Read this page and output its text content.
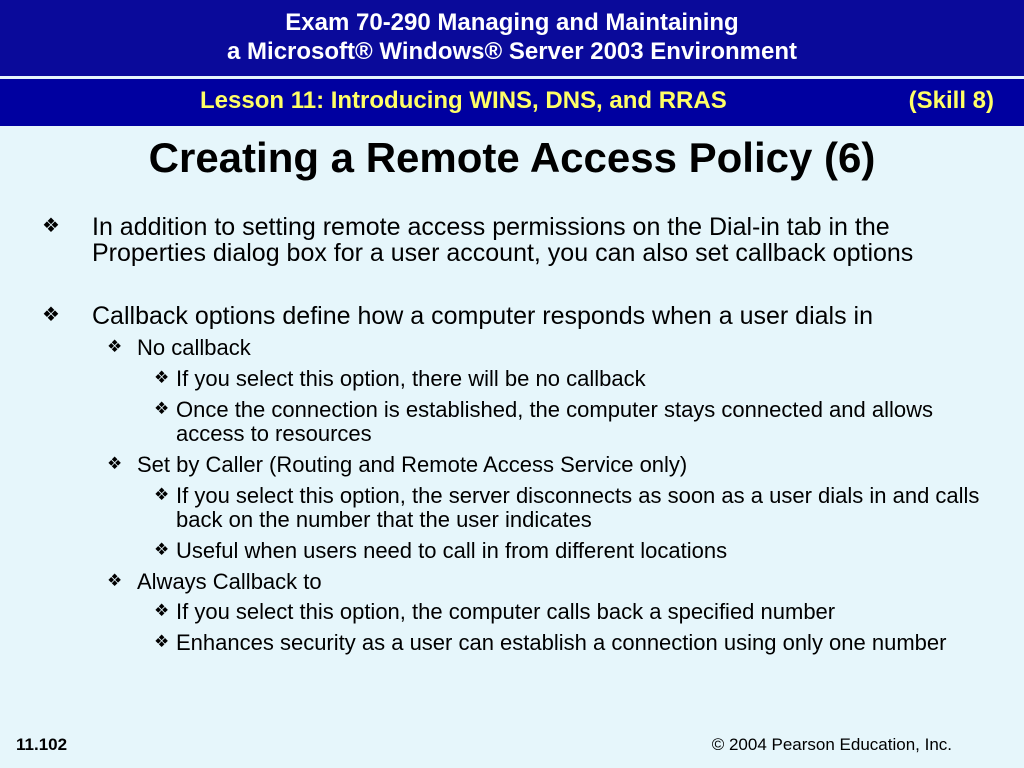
Exam 70-290 Managing and Maintaining
a Microsoft® Windows® Server 2003 Environment
Lesson 11: Introducing WINS, DNS, and RRAS	(Skill 8)
Creating a Remote Access Policy (6)
❖ In addition to setting remote access permissions on the Dial-in tab in the Properties dialog box for a user account, you can also set callback options
❖ Callback options define how a computer responds when a user dials in
❖ No callback
❖ If you select this option, there will be no callback
❖ Once the connection is established, the computer stays connected and allows access to resources
❖ Set by Caller (Routing and Remote Access Service only)
❖ If you select this option, the server disconnects as soon as a user dials in and calls back on the number that the user indicates
❖ Useful when users need to call in from different locations
❖ Always Callback to
❖ If you select this option, the computer calls back a specified number
❖ Enhances security as a user can establish a connection using only one number
11.102	© 2004 Pearson Education, Inc.
